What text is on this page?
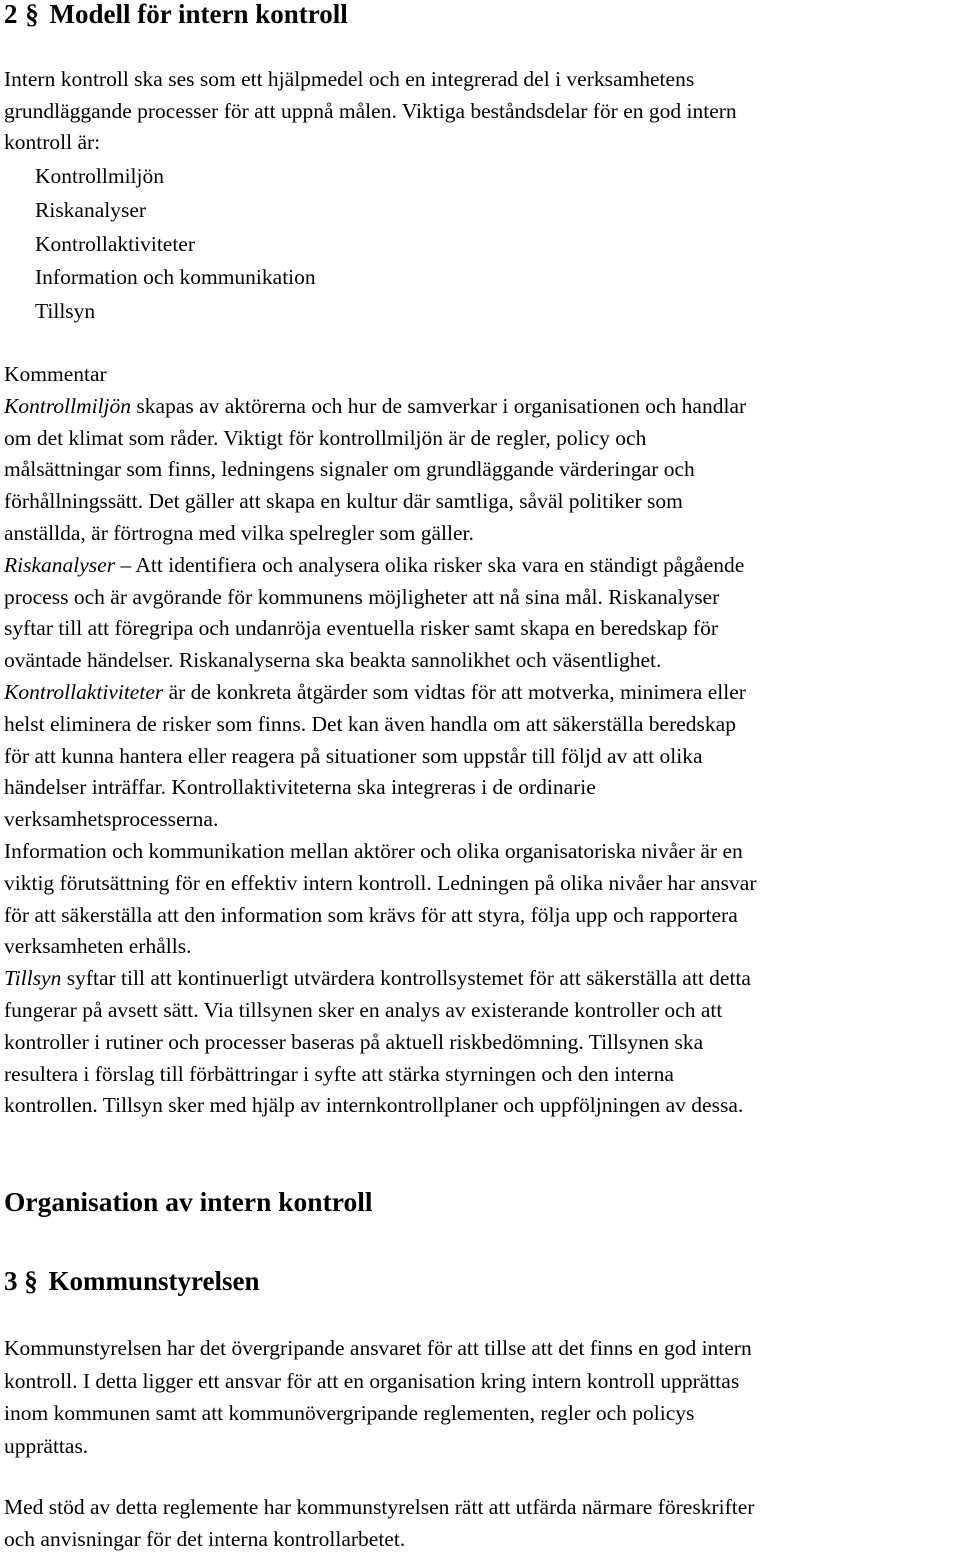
2 § Modell för intern kontroll

Intern kontroll ska ses som ett hjälpmedel och en integrerad del i verksamhetens
grundläggande processer för att uppnå målen. Viktiga beståndsdelar för en god intern
kontroll är:

Kontrollmiljön
Riskanalyser
Kontrollaktiviteter
Information och kommunikation
Tillsyn
Kommentar
Kontrollmiljön skapas av aktörerna och hur de samverkar i organisationen och handlar
om det klimat som råder. Viktigt för kontrollmiljön är de regler, policy och
målsättningar som finns, ledningens signaler om grundläggande värderingar och
förhållningssätt. Det gäller att skapa en kultur där samtliga, såväl politiker som
anställda, är förtrogna med vilka spelregler som gäller.
Riskanalyser – Att identifiera och analysera olika risker ska vara en ständigt pågående
process och är avgörande för kommunens möjligheter att nå sina mål. Riskanalyser
syftar till att föregripa och undanröja eventuella risker samt skapa en beredskap för
oväntade händelser. Riskanalyserna ska beakta sannolikhet och väsentlighet.
Kontrollaktiviteter är de konkreta åtgärder som vidtas för att motverka, minimera eller
helst eliminera de risker som finns. Det kan även handla om att säkerställa beredskap
för att kunna hantera eller reagera på situationer som uppstår till följd av att olika
händelser inträffar. Kontrollaktiviteterna ska integreras i de ordinarie
verksamhetsprocesserna.
Information och kommunikation mellan aktörer och olika organisatoriska nivåer är en
viktig förutsättning för en effektiv intern kontroll. Ledningen på olika nivåer har ansvar
för att säkerställa att den information som krävs för att styra, följa upp och rapportera
verksamheten erhålls.
Tillsyn syftar till att kontinuerligt utvärdera kontrollsystemet för att säkerställa att detta
fungerar på avsett sätt. Via tillsynen sker en analys av existerande kontroller och att
kontroller i rutiner och processer baseras på aktuell riskbedömning. Tillsynen ska
resultera i förslag till förbättringar i syfte att stärka styrningen och den interna
kontrollen. Tillsyn sker med hjälp av internkontrollplaner och uppföljningen av dessa.
Organisation av intern kontroll
3 § Kommunstyrelsen

Kommunstyrelsen har det övergripande ansvaret för att tillse att det finns en god intern
kontroll. I detta ligger ett ansvar för att en organisation kring intern kontroll upprättas
inom kommunen samt att kommunövergripande reglementen, regler och policys
upprättas.

Med stöd av detta reglemente har kommunstyrelsen rätt att utfärda närmare föreskrifter
och anvisningar för det interna kontrollarbetet.
